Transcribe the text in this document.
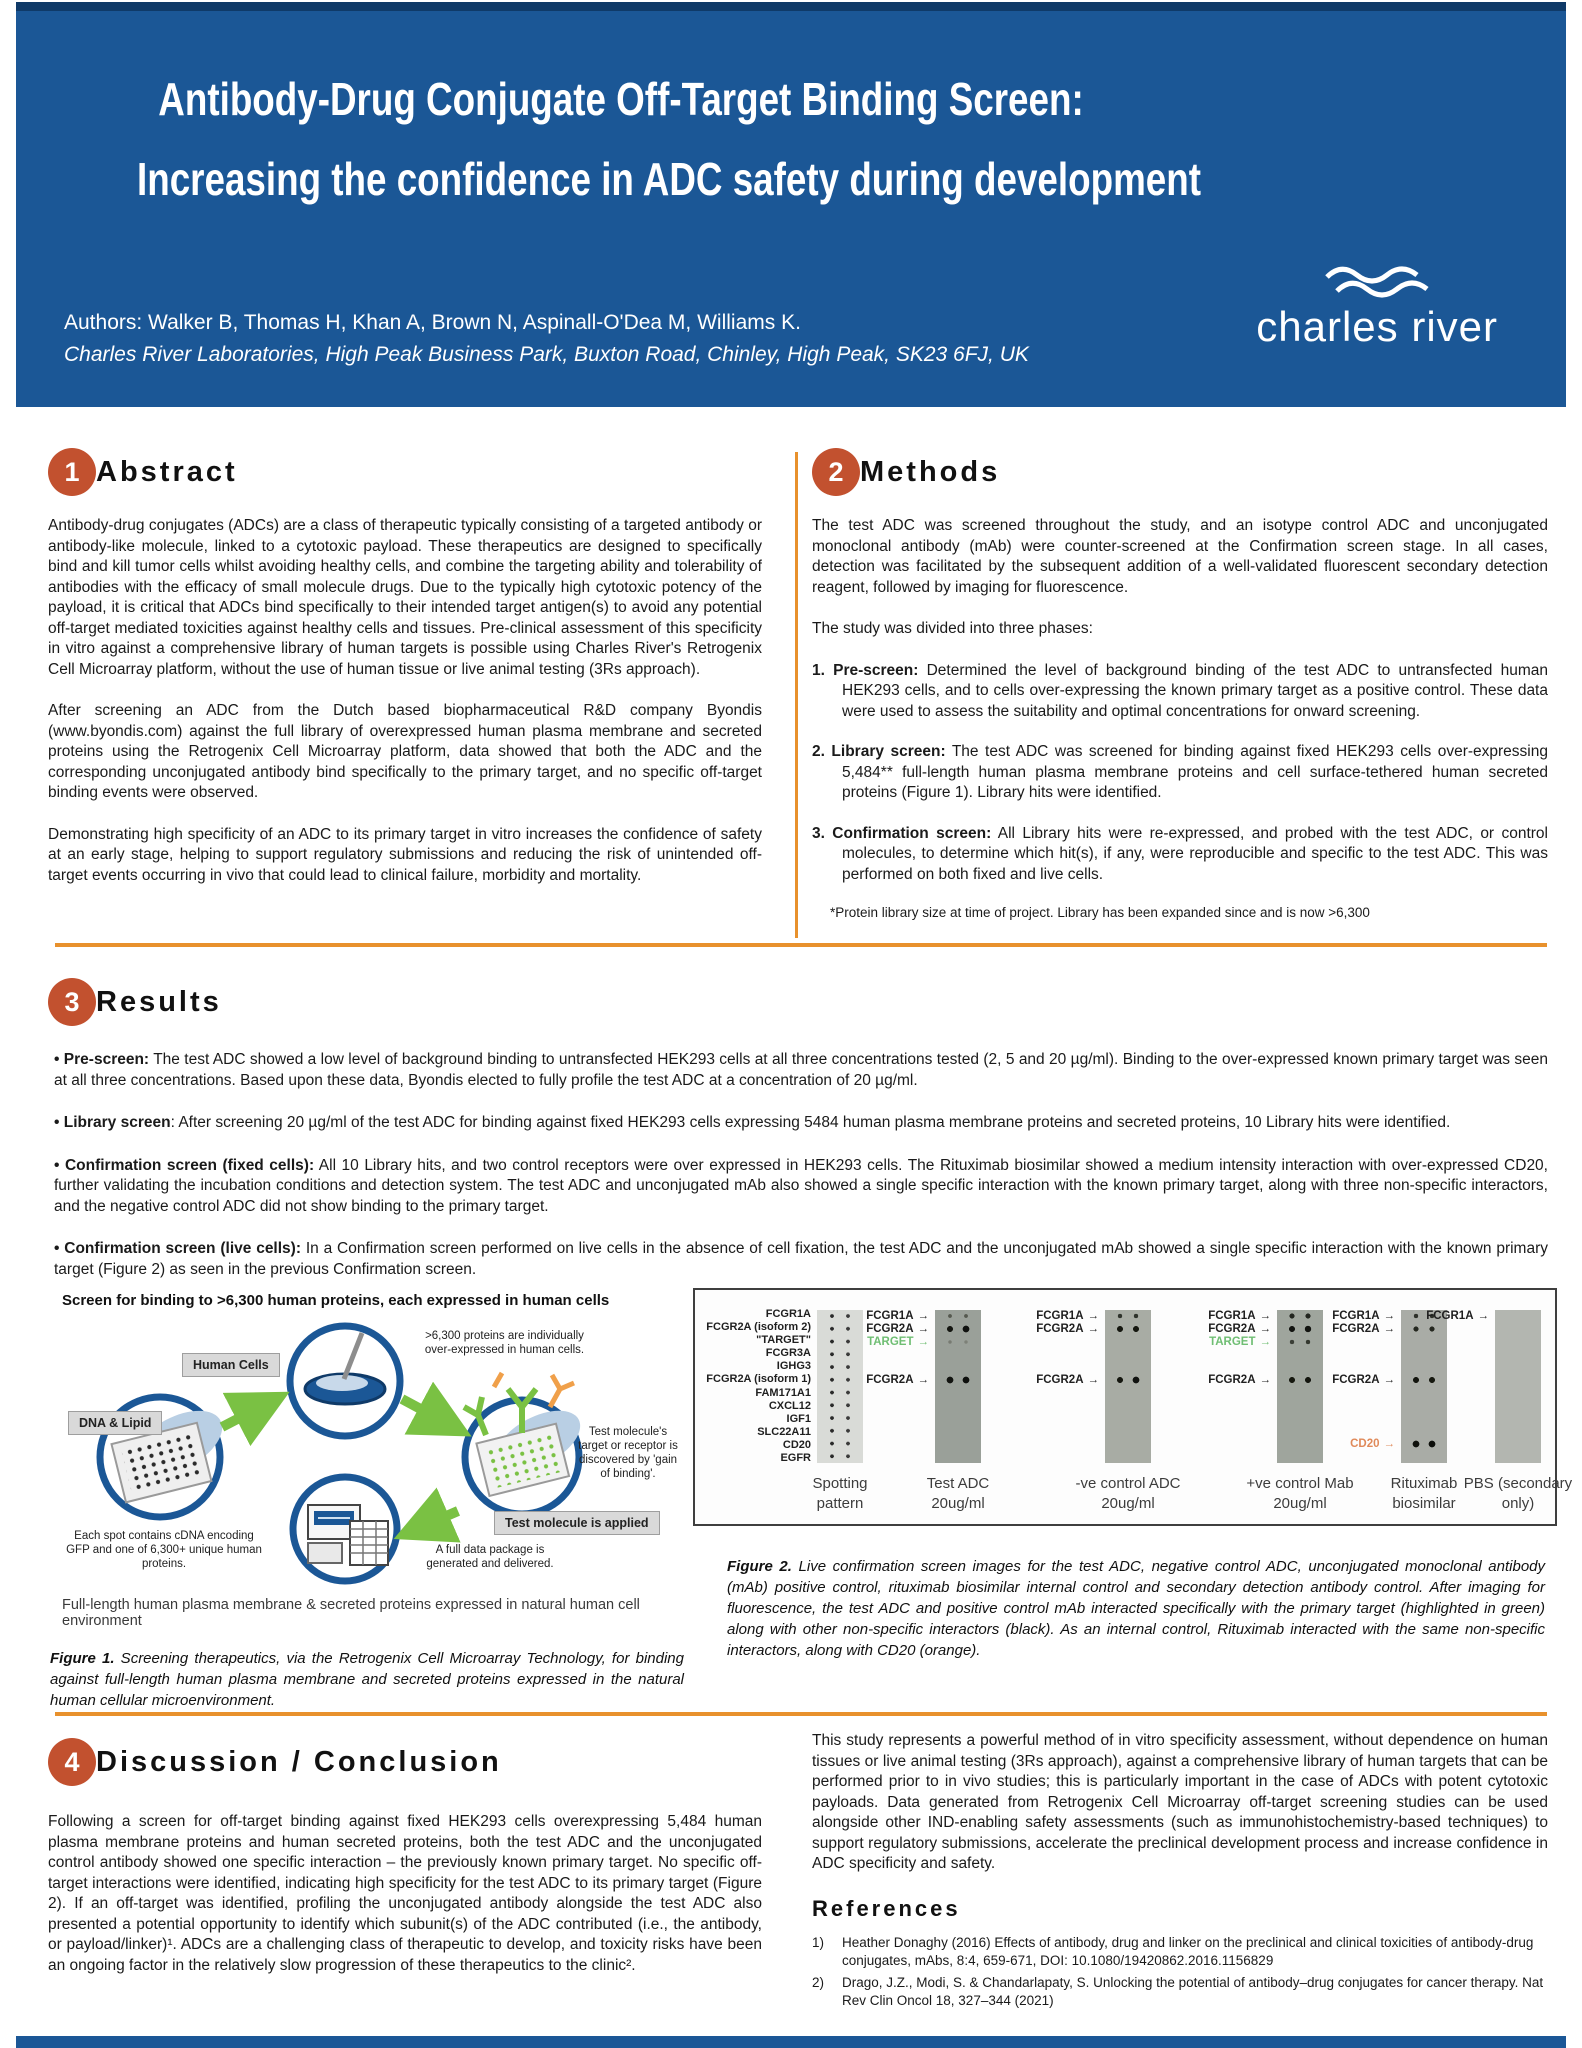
Antibody-Drug Conjugate Off-Target Binding Screen:
Increasing the confidence in ADC safety during development
Authors: Walker B, Thomas H, Khan A, Brown N, Aspinall-O'Dea M, Williams K.
Charles River Laboratories, High Peak Business Park, Buxton Road, Chinley, High Peak, SK23 6FJ, UK
charles river
1 Abstract

Antibody-drug conjugates (ADCs) are a class of therapeutic typically consisting of a targeted antibody or antibody-like molecule, linked to a cytotoxic payload. These therapeutics are designed to specifically bind and kill tumor cells whilst avoiding healthy cells, and combine the targeting ability and tolerability of antibodies with the efficacy of small molecule drugs. Due to the typically high cytotoxic potency of the payload, it is critical that ADCs bind specifically to their intended target antigen(s) to avoid any potential off-target mediated toxicities against healthy cells and tissues. Pre-clinical assessment of this specificity in vitro against a comprehensive library of human targets is possible using Charles River's Retrogenix Cell Microarray platform, without the use of human tissue or live animal testing (3Rs approach).

After screening an ADC from the Dutch based biopharmaceutical R&D company Byondis (www.byondis.com) against the full library of overexpressed human plasma membrane and secreted proteins using the Retrogenix Cell Microarray platform, data showed that both the ADC and the corresponding unconjugated antibody bind specifically to the primary target, and no specific off-target binding events were observed.

Demonstrating high specificity of an ADC to its primary target in vitro increases the confidence of safety at an early stage, helping to support regulatory submissions and reducing the risk of unintended off-target events occurring in vivo that could lead to clinical failure, morbidity and mortality.

2 Methods

The test ADC was screened throughout the study, and an isotype control ADC and unconjugated monoclonal antibody (mAb) were counter-screened at the Confirmation screen stage. In all cases, detection was facilitated by the subsequent addition of a well-validated fluorescent secondary detection reagent, followed by imaging for fluorescence.

The study was divided into three phases:

1. Pre-screen: Determined the level of background binding of the test ADC to untransfected human HEK293 cells, and to cells over-expressing the known primary target as a positive control. These data were used to assess the suitability and optimal concentrations for onward screening.
2. Library screen: The test ADC was screened for binding against fixed HEK293 cells over-expressing 5,484** full-length human plasma membrane proteins and cell surface-tethered human secreted proteins (Figure 1). Library hits were identified.
3. Confirmation screen: All Library hits were re-expressed, and probed with the test ADC, or control molecules, to determine which hit(s), if any, were reproducible and specific to the test ADC. This was performed on both fixed and live cells.
*Protein library size at time of project. Library has been expanded since and is now >6,300
3 Results

• Pre-screen: The test ADC showed a low level of background binding to untransfected HEK293 cells at all three concentrations tested (2, 5 and 20 µg/ml). Binding to the over-expressed known primary target was seen at all three concentrations. Based upon these data, Byondis elected to fully profile the test ADC at a concentration of 20 µg/ml.

• Library screen: After screening 20 µg/ml of the test ADC for binding against fixed HEK293 cells expressing 5484 human plasma membrane proteins and secreted proteins, 10 Library hits were identified.

• Confirmation screen (fixed cells): All 10 Library hits, and two control receptors were over expressed in HEK293 cells. The Rituximab biosimilar showed a medium intensity interaction with over-expressed CD20, further validating the incubation conditions and detection system. The test ADC and unconjugated mAb also showed a single specific interaction with the known primary target, along with three non-specific interactors, and the negative control ADC did not show binding to the primary target.

• Confirmation screen (live cells): In a Confirmation screen performed on live cells in the absence of cell fixation, the test ADC and the unconjugated mAb showed a single specific interaction with the known primary target (Figure 2) as seen in the previous Confirmation screen.

Screen for binding to >6,300 human proteins, each expressed in human cells
Human Cells
DNA & Lipid
Test molecule is applied
>6,300 proteins are individually over-expressed in human cells.
Test molecule's target or receptor is discovered by 'gain of binding'.
Each spot contains cDNA encoding GFP and one of 6,300+ unique human proteins.
A full data package is generated and delivered.
Full-length human plasma membrane & secreted proteins expressed in natural human cell environment
Figure 1. Screening therapeutics, via the Retrogenix Cell Microarray Technology, for binding against full-length human plasma membrane and secreted proteins expressed in the natural human cellular microenvironment.
FCGR1A
FCGR2A (isoform 2)
"TARGET"
FCGR3A
IGHG3
FCGR2A (isoform 1)
FAM171A1
CXCL12
IGF1
SLC22A11
CD20
EGFR
Spotting pattern
FCGR1A →
FCGR2A →
TARGET →
FCGR2A →
Test ADC 20ug/ml
FCGR1A →
FCGR2A →
FCGR2A →
-ve control ADC 20ug/ml
FCGR1A →
FCGR2A →
TARGET →
FCGR2A →
+ve control Mab 20ug/ml
FCGR1A →
FCGR2A →
FCGR2A →
CD20 →
Rituximab biosimilar
FCGR1A →
PBS (secondary only)
Figure 2. Live confirmation screen images for the test ADC, negative control ADC, unconjugated monoclonal antibody (mAb) positive control, rituximab biosimilar internal control and secondary detection antibody control. After imaging for fluorescence, the test ADC and positive control mAb interacted specifically with the primary target (highlighted in green) along with other non-specific interactors (black). As an internal control, Rituximab interacted with the same non-specific interactors, along with CD20 (orange).
4 Discussion / Conclusion

Following a screen for off-target binding against fixed HEK293 cells overexpressing 5,484 human plasma membrane proteins and human secreted proteins, both the test ADC and the unconjugated control antibody showed one specific interaction – the previously known primary target. No specific off-target interactions were identified, indicating high specificity for the test ADC to its primary target (Figure 2). If an off-target was identified, profiling the unconjugated antibody alongside the test ADC also presented a potential opportunity to identify which subunit(s) of the ADC contributed (i.e., the antibody, or payload/linker)¹. ADCs are a challenging class of therapeutic to develop, and toxicity risks have been an ongoing factor in the relatively slow progression of these therapeutics to the clinic².

This study represents a powerful method of in vitro specificity assessment, without dependence on human tissues or live animal testing (3Rs approach), against a comprehensive library of human targets that can be performed prior to in vivo studies; this is particularly important in the case of ADCs with potent cytotoxic payloads. Data generated from Retrogenix Cell Microarray off-target screening studies can be used alongside other IND-enabling safety assessments (such as immunohistochemistry-based techniques) to support regulatory submissions, accelerate the preclinical development process and increase confidence in ADC specificity and safety.

References
1)	Heather Donaghy (2016) Effects of antibody, drug and linker on the preclinical and clinical toxicities of antibody-drug conjugates, mAbs, 8:4, 659-671, DOI: 10.1080/19420862.2016.1156829
2)	Drago, J.Z., Modi, S. & Chandarlapaty, S. Unlocking the potential of antibody–drug conjugates for cancer therapy. Nat Rev Clin Oncol 18, 327–344 (2021)
